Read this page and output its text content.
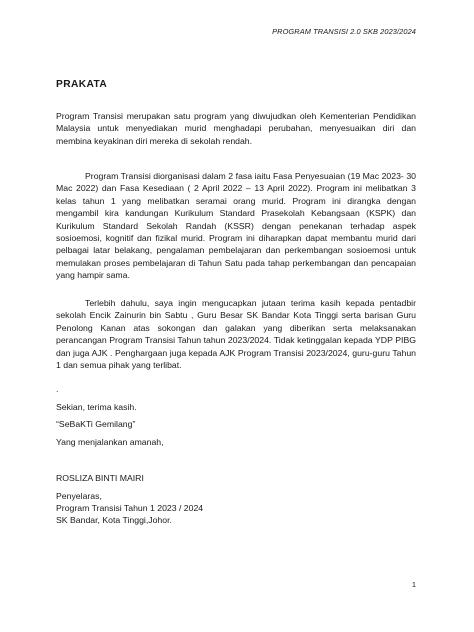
PROGRAM TRANSISI 2.0 SKB 2023/2024
PRAKATA

Program Transisi merupakan satu program yang diwujudkan oleh Kementerian Pendidikan Malaysia untuk menyediakan murid menghadapi perubahan, menyesuaikan diri dan membina keyakinan diri mereka di sekolah rendah.

Program Transisi diorganisasi dalam 2 fasa iaitu Fasa Penyesuaian (19 Mac 2023- 30 Mac 2022) dan Fasa Kesediaan ( 2 April 2022 – 13 April 2022). Program ini melibatkan 3 kelas tahun 1 yang melibatkan seramai orang murid. Program ini dirangka dengan mengambil kira kandungan Kurikulum Standard Prasekolah Kebangsaan (KSPK) dan Kurikulum Standard Sekolah Randah (KSSR) dengan penekanan terhadap aspek sosioemosi, kognitif dan fizikal murid. Program ini diharapkan dapat membantu murid dari pelbagai latar belakang, pengalaman pembelajaran dan perkembangan sosioemosi untuk memulakan proses pembelajaran di Tahun Satu pada tahap perkembangan dan pencapaian yang hampir sama.

Terlebih dahulu, saya ingin mengucapkan jutaan terima kasih kepada pentadbir sekolah Encik Zainurin bin Sabtu , Guru Besar SK Bandar Kota Tinggi serta barisan Guru Penolong Kanan atas sokongan dan galakan yang diberikan serta melaksanakan perancangan Program Transisi Tahun tahun 2023/2024. Tidak ketinggalan kepada YDP PIBG dan juga AJK . Penghargaan juga kepada AJK Program Transisi 2023/2024, guru-guru Tahun 1 dan semua pihak yang terlibat.

.
Sekian, terima kasih.
“SeBaKTi Gemilang”
Yang menjalankan amanah,
ROSLIZA BINTI MAIRI
Penyelaras,
Program Transisi Tahun 1 2023 / 2024
SK Bandar, Kota Tinggi,Johor.
1
